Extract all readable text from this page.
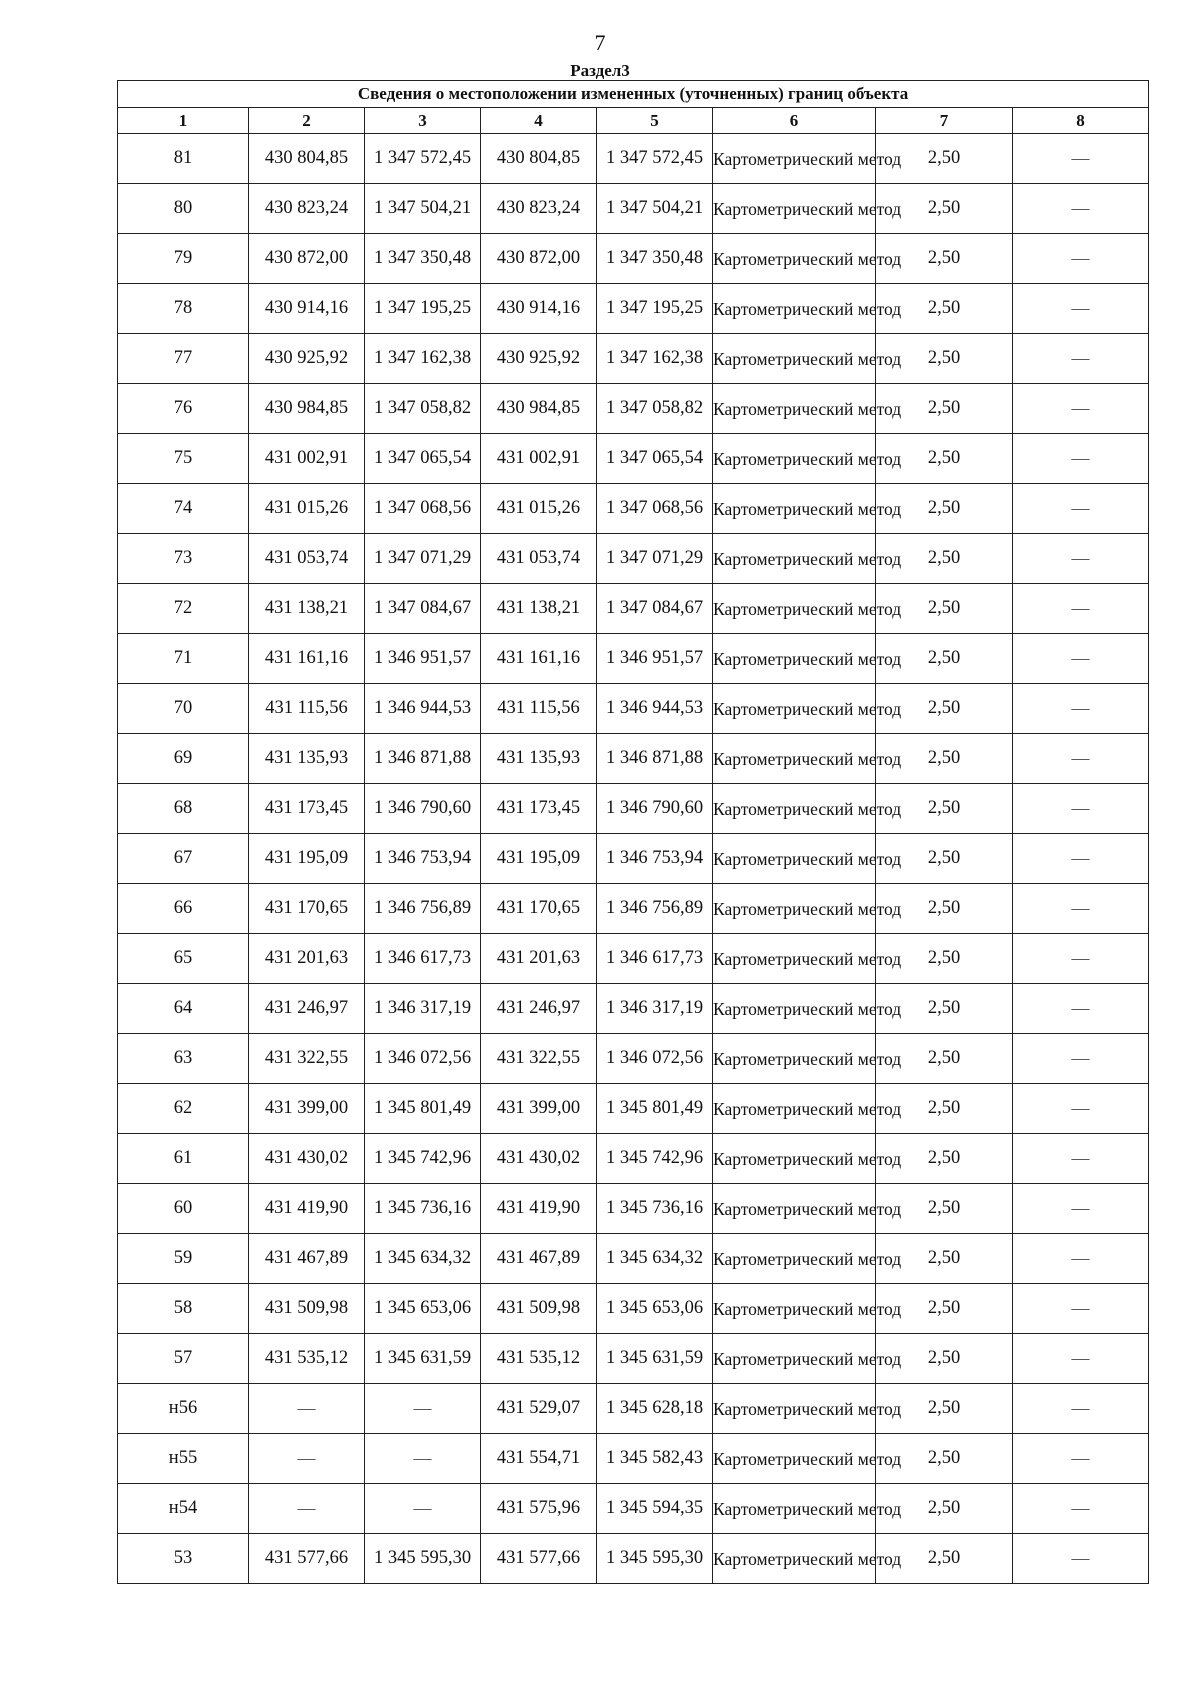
7
Раздел3
Сведения о местоположении измененных (уточненных) границ объекта							
1	2	3	4	5	6	7	8
81	430 804,85	1 347 572,45	430 804,85	1 347 572,45	Картометрический метод	2,50	—
80	430 823,24	1 347 504,21	430 823,24	1 347 504,21	Картометрический метод	2,50	—
79	430 872,00	1 347 350,48	430 872,00	1 347 350,48	Картометрический метод	2,50	—
78	430 914,16	1 347 195,25	430 914,16	1 347 195,25	Картометрический метод	2,50	—
77	430 925,92	1 347 162,38	430 925,92	1 347 162,38	Картометрический метод	2,50	—
76	430 984,85	1 347 058,82	430 984,85	1 347 058,82	Картометрический метод	2,50	—
75	431 002,91	1 347 065,54	431 002,91	1 347 065,54	Картометрический метод	2,50	—
74	431 015,26	1 347 068,56	431 015,26	1 347 068,56	Картометрический метод	2,50	—
73	431 053,74	1 347 071,29	431 053,74	1 347 071,29	Картометрический метод	2,50	—
72	431 138,21	1 347 084,67	431 138,21	1 347 084,67	Картометрический метод	2,50	—
71	431 161,16	1 346 951,57	431 161,16	1 346 951,57	Картометрический метод	2,50	—
70	431 115,56	1 346 944,53	431 115,56	1 346 944,53	Картометрический метод	2,50	—
69	431 135,93	1 346 871,88	431 135,93	1 346 871,88	Картометрический метод	2,50	—
68	431 173,45	1 346 790,60	431 173,45	1 346 790,60	Картометрический метод	2,50	—
67	431 195,09	1 346 753,94	431 195,09	1 346 753,94	Картометрический метод	2,50	—
66	431 170,65	1 346 756,89	431 170,65	1 346 756,89	Картометрический метод	2,50	—
65	431 201,63	1 346 617,73	431 201,63	1 346 617,73	Картометрический метод	2,50	—
64	431 246,97	1 346 317,19	431 246,97	1 346 317,19	Картометрический метод	2,50	—
63	431 322,55	1 346 072,56	431 322,55	1 346 072,56	Картометрический метод	2,50	—
62	431 399,00	1 345 801,49	431 399,00	1 345 801,49	Картометрический метод	2,50	—
61	431 430,02	1 345 742,96	431 430,02	1 345 742,96	Картометрический метод	2,50	—
60	431 419,90	1 345 736,16	431 419,90	1 345 736,16	Картометрический метод	2,50	—
59	431 467,89	1 345 634,32	431 467,89	1 345 634,32	Картометрический метод	2,50	—
58	431 509,98	1 345 653,06	431 509,98	1 345 653,06	Картометрический метод	2,50	—
57	431 535,12	1 345 631,59	431 535,12	1 345 631,59	Картометрический метод	2,50	—
н56	—	—	431 529,07	1 345 628,18	Картометрический метод	2,50	—
н55	—	—	431 554,71	1 345 582,43	Картометрический метод	2,50	—
н54	—	—	431 575,96	1 345 594,35	Картометрический метод	2,50	—
53	431 577,66	1 345 595,30	431 577,66	1 345 595,30	Картометрический метод	2,50	—
